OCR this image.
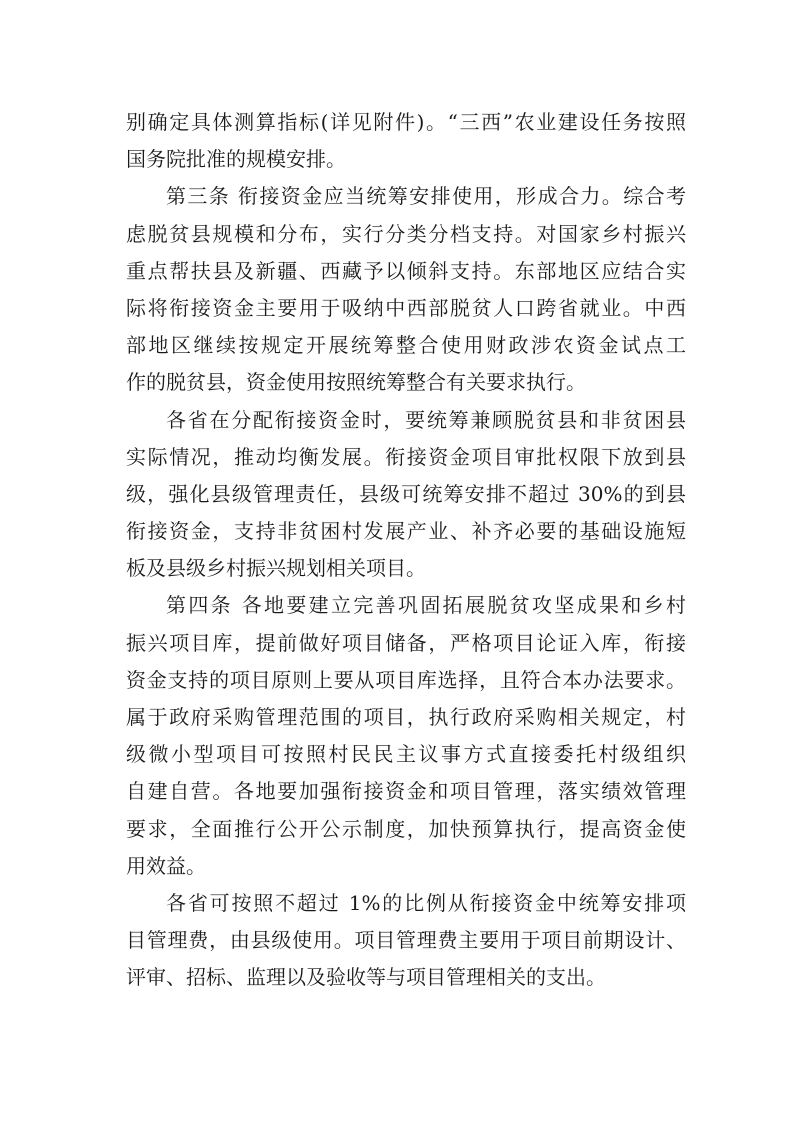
别确定具体测算指标(详见附件)。“三西”农业建设任务按照
国务院批准的规模安排。
第三条 衔接资金应当统筹安排使用，形成合力。综合考
虑脱贫县规模和分布，实行分类分档支持。对国家乡村振兴
重点帮扶县及新疆、西藏予以倾斜支持。东部地区应结合实
际将衔接资金主要用于吸纳中西部脱贫人口跨省就业。中西
部地区继续按规定开展统筹整合使用财政涉农资金试点工
作的脱贫县，资金使用按照统筹整合有关要求执行。
各省在分配衔接资金时，要统筹兼顾脱贫县和非贫困县
实际情况，推动均衡发展。衔接资金项目审批权限下放到县
级，强化县级管理责任，县级可统筹安排不超过 30%的到县
衔接资金，支持非贫困村发展产业、补齐必要的基础设施短
板及县级乡村振兴规划相关项目。
第四条 各地要建立完善巩固拓展脱贫攻坚成果和乡村
振兴项目库，提前做好项目储备，严格项目论证入库，衔接
资金支持的项目原则上要从项目库选择，且符合本办法要求。
属于政府采购管理范围的项目，执行政府采购相关规定，村
级微小型项目可按照村民民主议事方式直接委托村级组织
自建自营。各地要加强衔接资金和项目管理，落实绩效管理
要求，全面推行公开公示制度，加快预算执行，提高资金使
用效益。
各省可按照不超过 1%的比例从衔接资金中统筹安排项
目管理费，由县级使用。项目管理费主要用于项目前期设计、
评审、招标、监理以及验收等与项目管理相关的支出。
